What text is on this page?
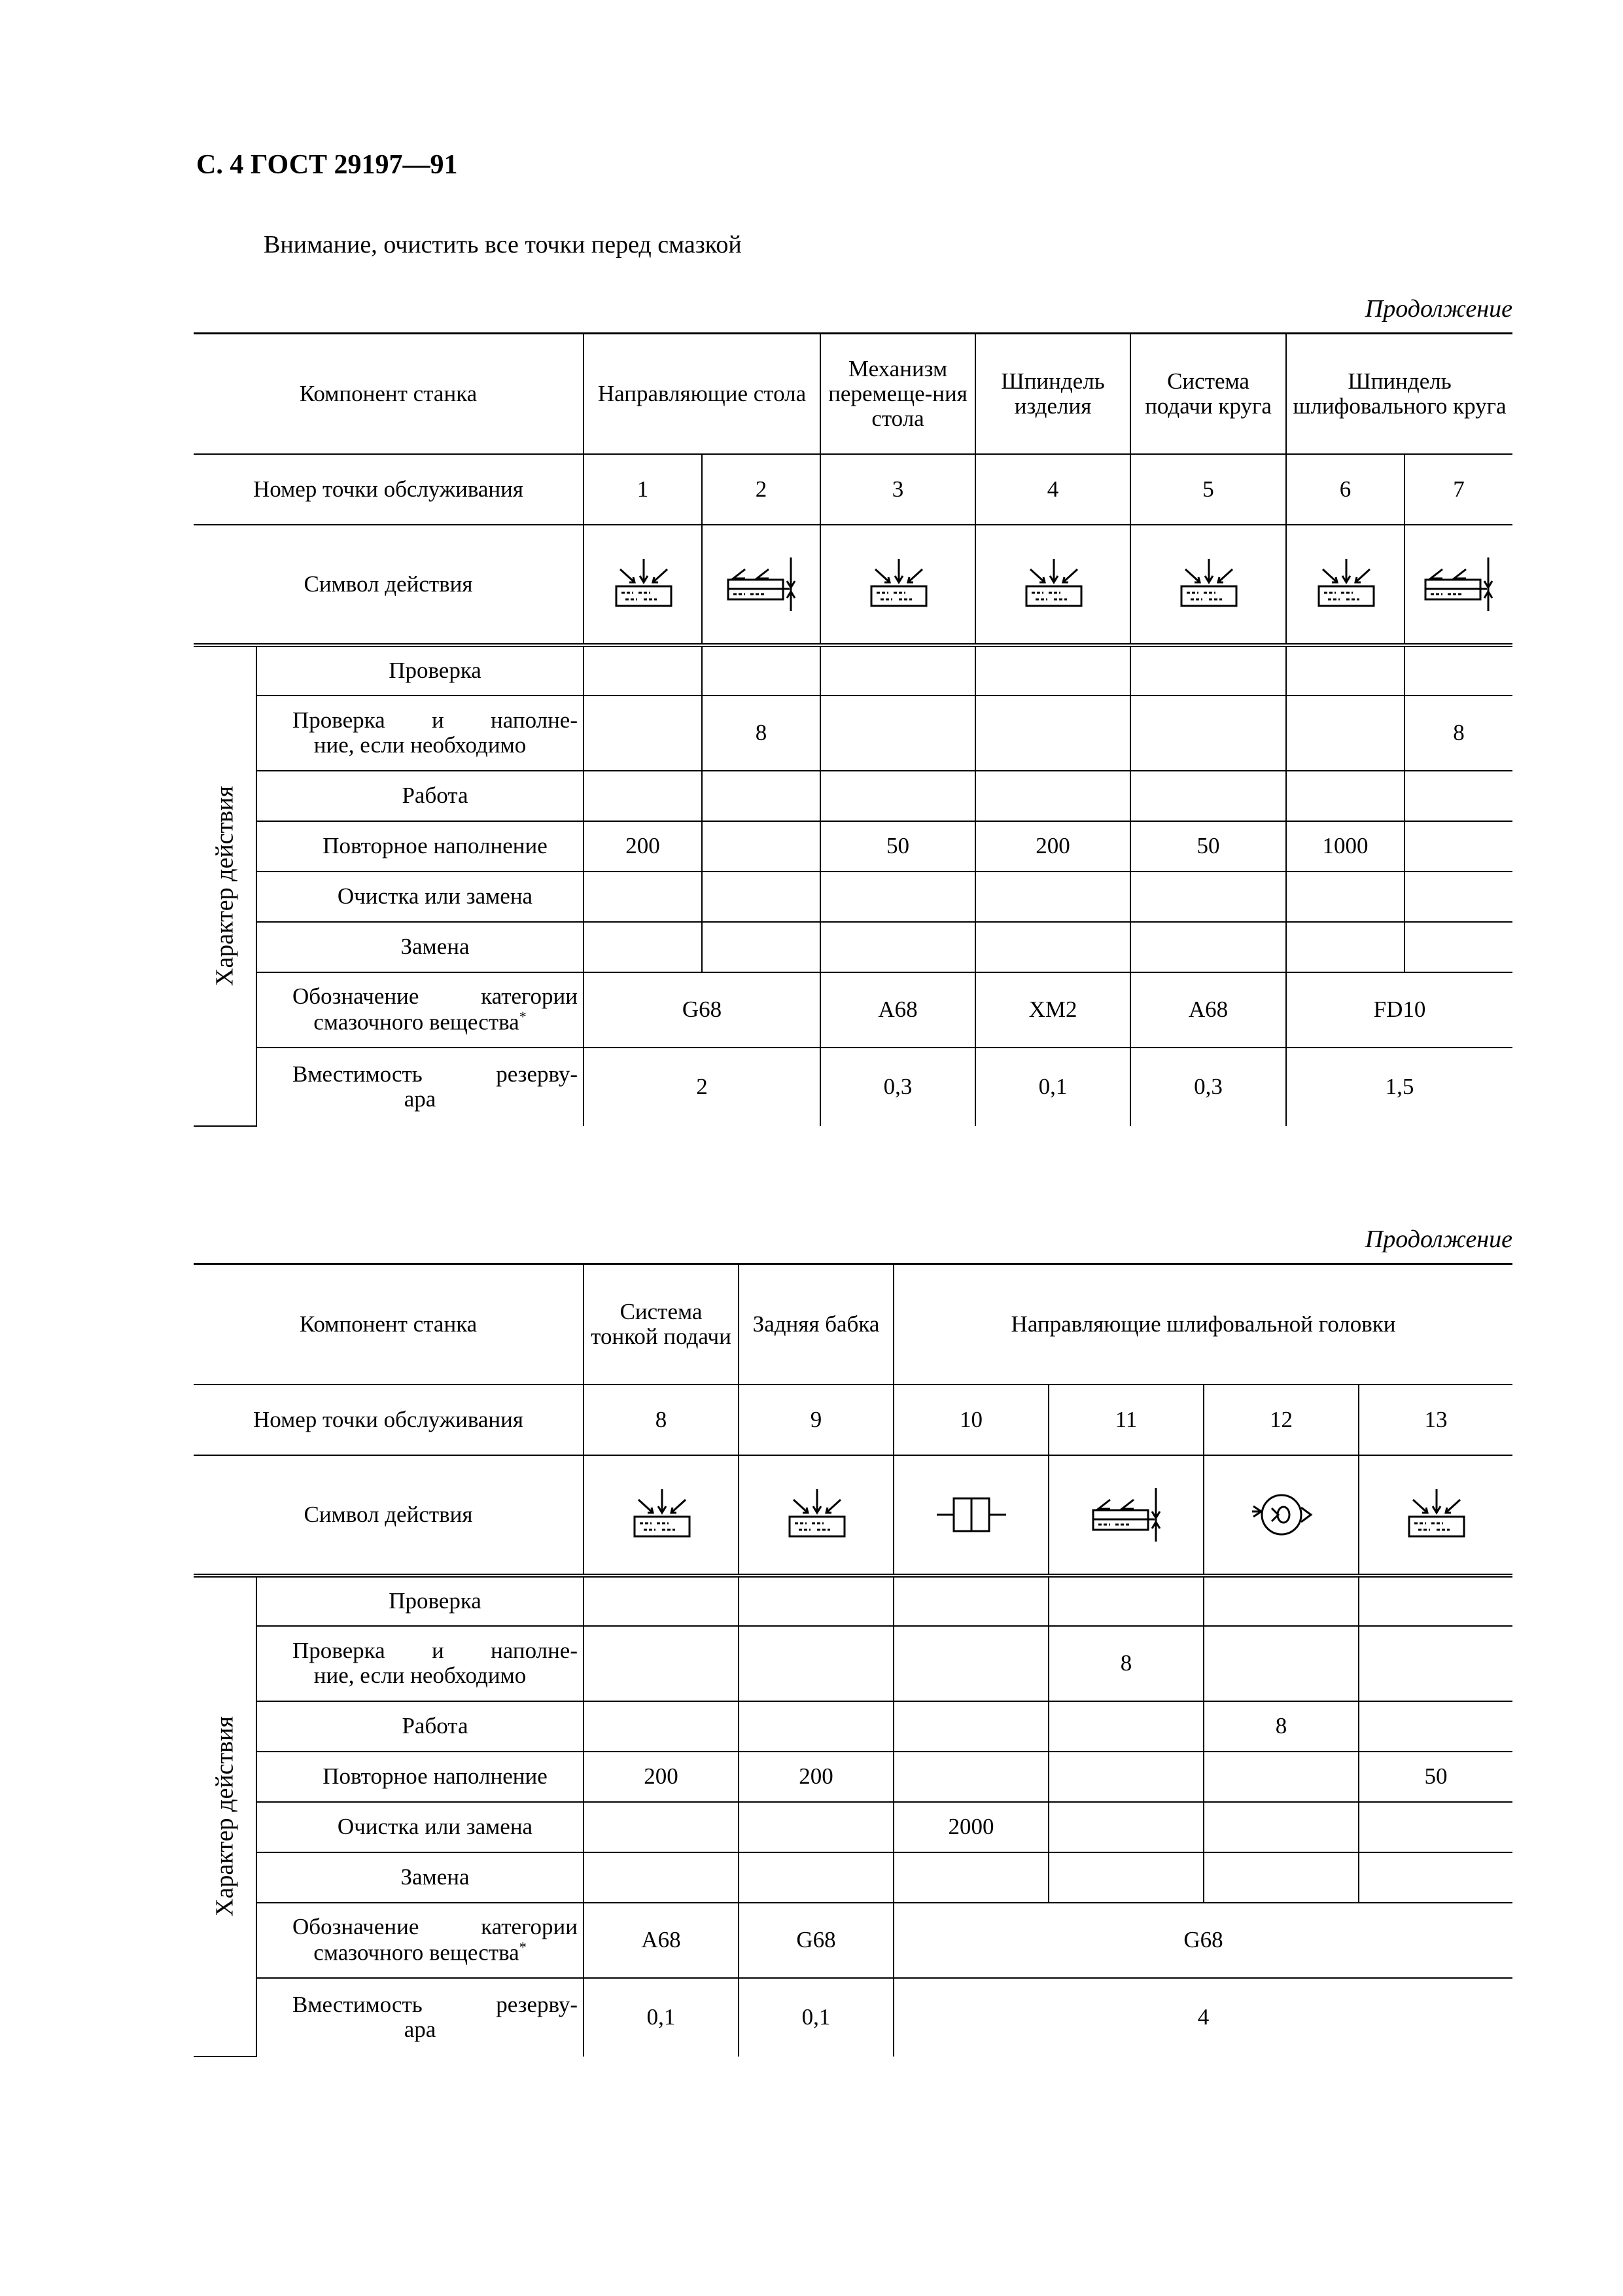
С. 4 ГОСТ 29197—91
Внимание, очистить все точки перед смазкой
Продолжение
Компонент станка		Направляющие стола		Механизм перемеще-ния стола	Шпиндель изделия	Система подачи круга	Шпиндель шлифовального круга	
Номер точки обслуживания		1	2	3	4	5	6	7
Символ действия							

Характер действия	Проверка							

	Проверка и наполне-
ние, если необходимо		8					8
	Работа							
	Повторное наполнение	200		50	200	50	1000	
	Очистка или замена							
	Замена							

	Обозначение категории
смазочного вещества*	G68		A68	XM2	A68	FD10	

	Вместимость резерву-
ара	2		0,3	0,1	0,3	1,5	
Продолжение
Компонент станка		Система тонкой подачи	Задняя бабка	Направляющие шлифовальной головки			
Номер точки обслуживания		8	9	10	11	12	13
Символ действия						

Характер действия	Проверка						

	Проверка и наполне-
ние, если необходимо				8		
	Работа					8	
	Повторное наполнение	200	200				50
	Очистка или замена			2000			
	Замена						

	Обозначение категории
смазочного вещества*	A68	G68	G68			

	Вместимость резерву-
ара	0,1	0,1	4			
